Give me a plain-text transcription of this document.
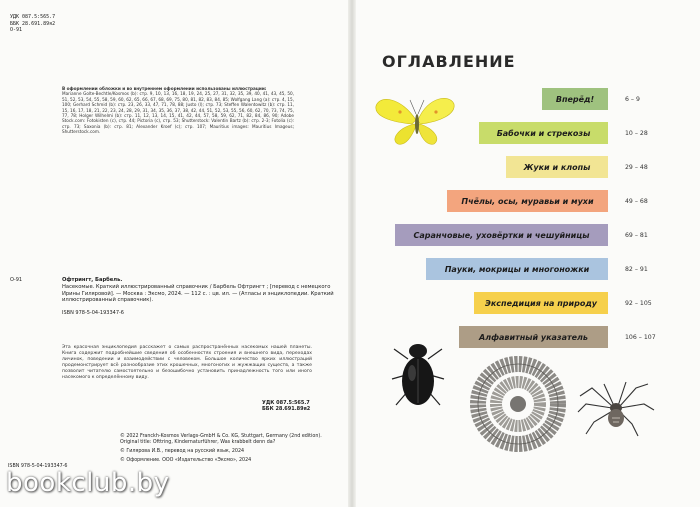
УДК 087.5:565.7
ББК 28.691.89я2
О-91
В оформлении обложки и во внутреннем оформлении использованы иллюстрации:
Marianne Golte-Bechtle/Kosmos (b): стр. 9, 10, 13, 16, 18, 19, 24, 25, 27, 31, 32, 35, 39, 40, 41, 43, 45, 50, 51, 52, 53, 54, 55, 58, 59, 60, 62, 65, 66, 67, 68, 69, 75, 80, 81, 82, 83, 84, 85; Wolfgang Lang (a): стр. 4, 15, 100; Gerhard Schmid (b): стр. 23, 26, 33, 47, 71, 78, 88; Justo (l); стр. 73; Steffen Walentowitz (b): стр. 11, 15, 16, 17, 18, 21, 22, 23, 24, 28, 29, 31, 34, 35, 36, 37, 38, 42, 44, 51, 52, 53, 55, 56, 60, 62, 70, 73, 74, 75, 77, 78; Holger Wilhelmi (b): стр. 11, 12, 13, 14, 15, 41, 42, 44, 57, 58, 59, 62, 71, 82, 84, 86, 90; Adobe Stock.com: Fotokisten (c), стр. 44; Pictoria (c), стр. 53; Shutterstock: Valentin Bartz (b): стр. 2-3; Fotolia (c): стр. 73; Saxonia (b): стр. 81; Alexander Kroef (c); стр. 107; Mauritius images: Mauritius Imageus; Shutterstock.com.
О-91	Офтрингт, Барбель.
Насекомые. Краткий иллюстрированный справочник / Барбель Офтрингт ; [перевод с немецкого Ирины Гиляровой]. — Москва : Эксмо, 2024. — 112 с. : цв. ил. — (Атласы и энциклопедии. Краткий иллюстрированный справочник).
ISBN 978-5-04-193347-6
Эта красочная энциклопедия расскажет о самых распространённых насекомых нашей планеты. Книга содержит подробнейшие сведения об особенностях строения и внешнего вида, переходах личинок, поведении и взаимодействии с человеком. Большое количество ярких иллюстраций продемонстрирует всё разнообразие этих крошечных, многоногих и жужжащих существ, а также позволит читателю самостоятельно и безошибочно установить принадлежность того или иного насекомого к определённому виду.
УДК 087.5:565.7
ББК 28.691.89я2
© 2022 Franckh-Kosmos Verlags-GmbH & Co. KG, Stuttgart, Germany (2nd edition). Original title: Ofttring, Kindernaturführer, Was krabbelt denn da?
© Гилярова И.В., перевод на русский язык, 2024
© Оформление. ООО «Издательство «Эксмо», 2024
ISBN 978-5-04-193347-6
bookclub.by
ОГЛАВЛЕНИЕ
Вперёд!	6 – 9
Бабочки и стрекозы	10 – 28
Жуки и клопы	29 – 48
Пчёлы, осы, муравьи и мухи	49 – 68
Саранчовые, уховёртки и чешуйницы	69 – 81
Пауки, мокрицы и многоножки	82 – 91
Экспедиция на природу	92 – 105
Алфавитный указатель	106 – 107
